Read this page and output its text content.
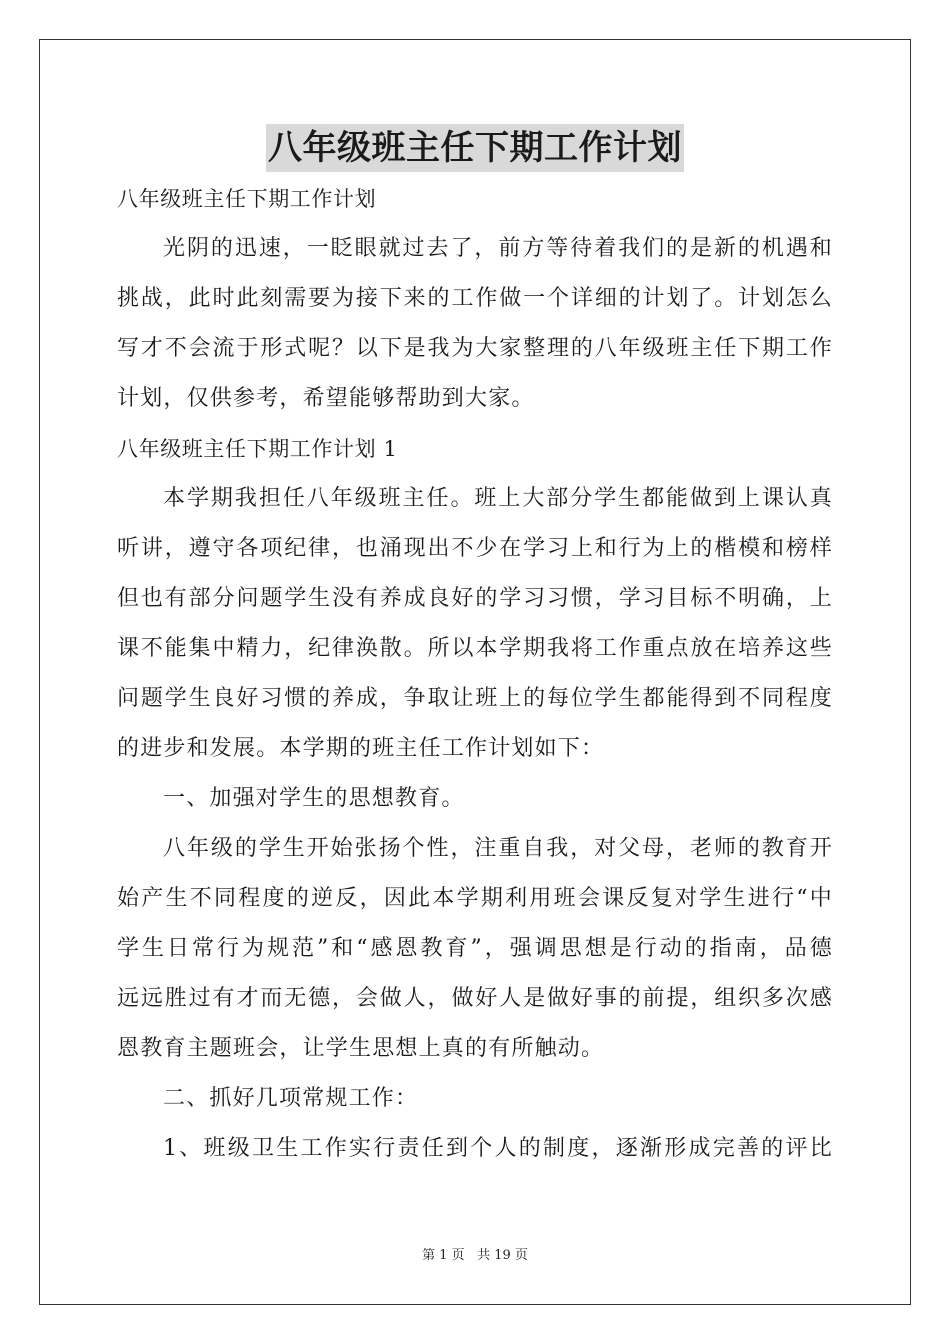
八年级班主任下期工作计划
八年级班主任下期工作计划
光阴的迅速，一眨眼就过去了，前方等待着我们的是新的机遇和
挑战，此时此刻需要为接下来的工作做一个详细的计划了。计划怎么
写才不会流于形式呢？以下是我为大家整理的八年级班主任下期工作
计划，仅供参考，希望能够帮助到大家。
八年级班主任下期工作计划 1
本学期我担任八年级班主任。班上大部分学生都能做到上课认真
听讲，遵守各项纪律，也涌现出不少在学习上和行为上的楷模和榜样
但也有部分问题学生没有养成良好的学习习惯，学习目标不明确，上
课不能集中精力，纪律涣散。所以本学期我将工作重点放在培养这些
问题学生良好习惯的养成，争取让班上的每位学生都能得到不同程度
的进步和发展。本学期的班主任工作计划如下：
一、加强对学生的思想教育。
八年级的学生开始张扬个性，注重自我，对父母，老师的教育开
始产生不同程度的逆反，因此本学期利用班会课反复对学生进行“中
学生日常行为规范”和“感恩教育”，强调思想是行动的指南，品德
远远胜过有才而无德，会做人，做好人是做好事的前提，组织多次感
恩教育主题班会，让学生思想上真的有所触动。
二、抓好几项常规工作：
1、班级卫生工作实行责任到个人的制度，逐渐形成完善的评比
第 1 页 共 19 页
